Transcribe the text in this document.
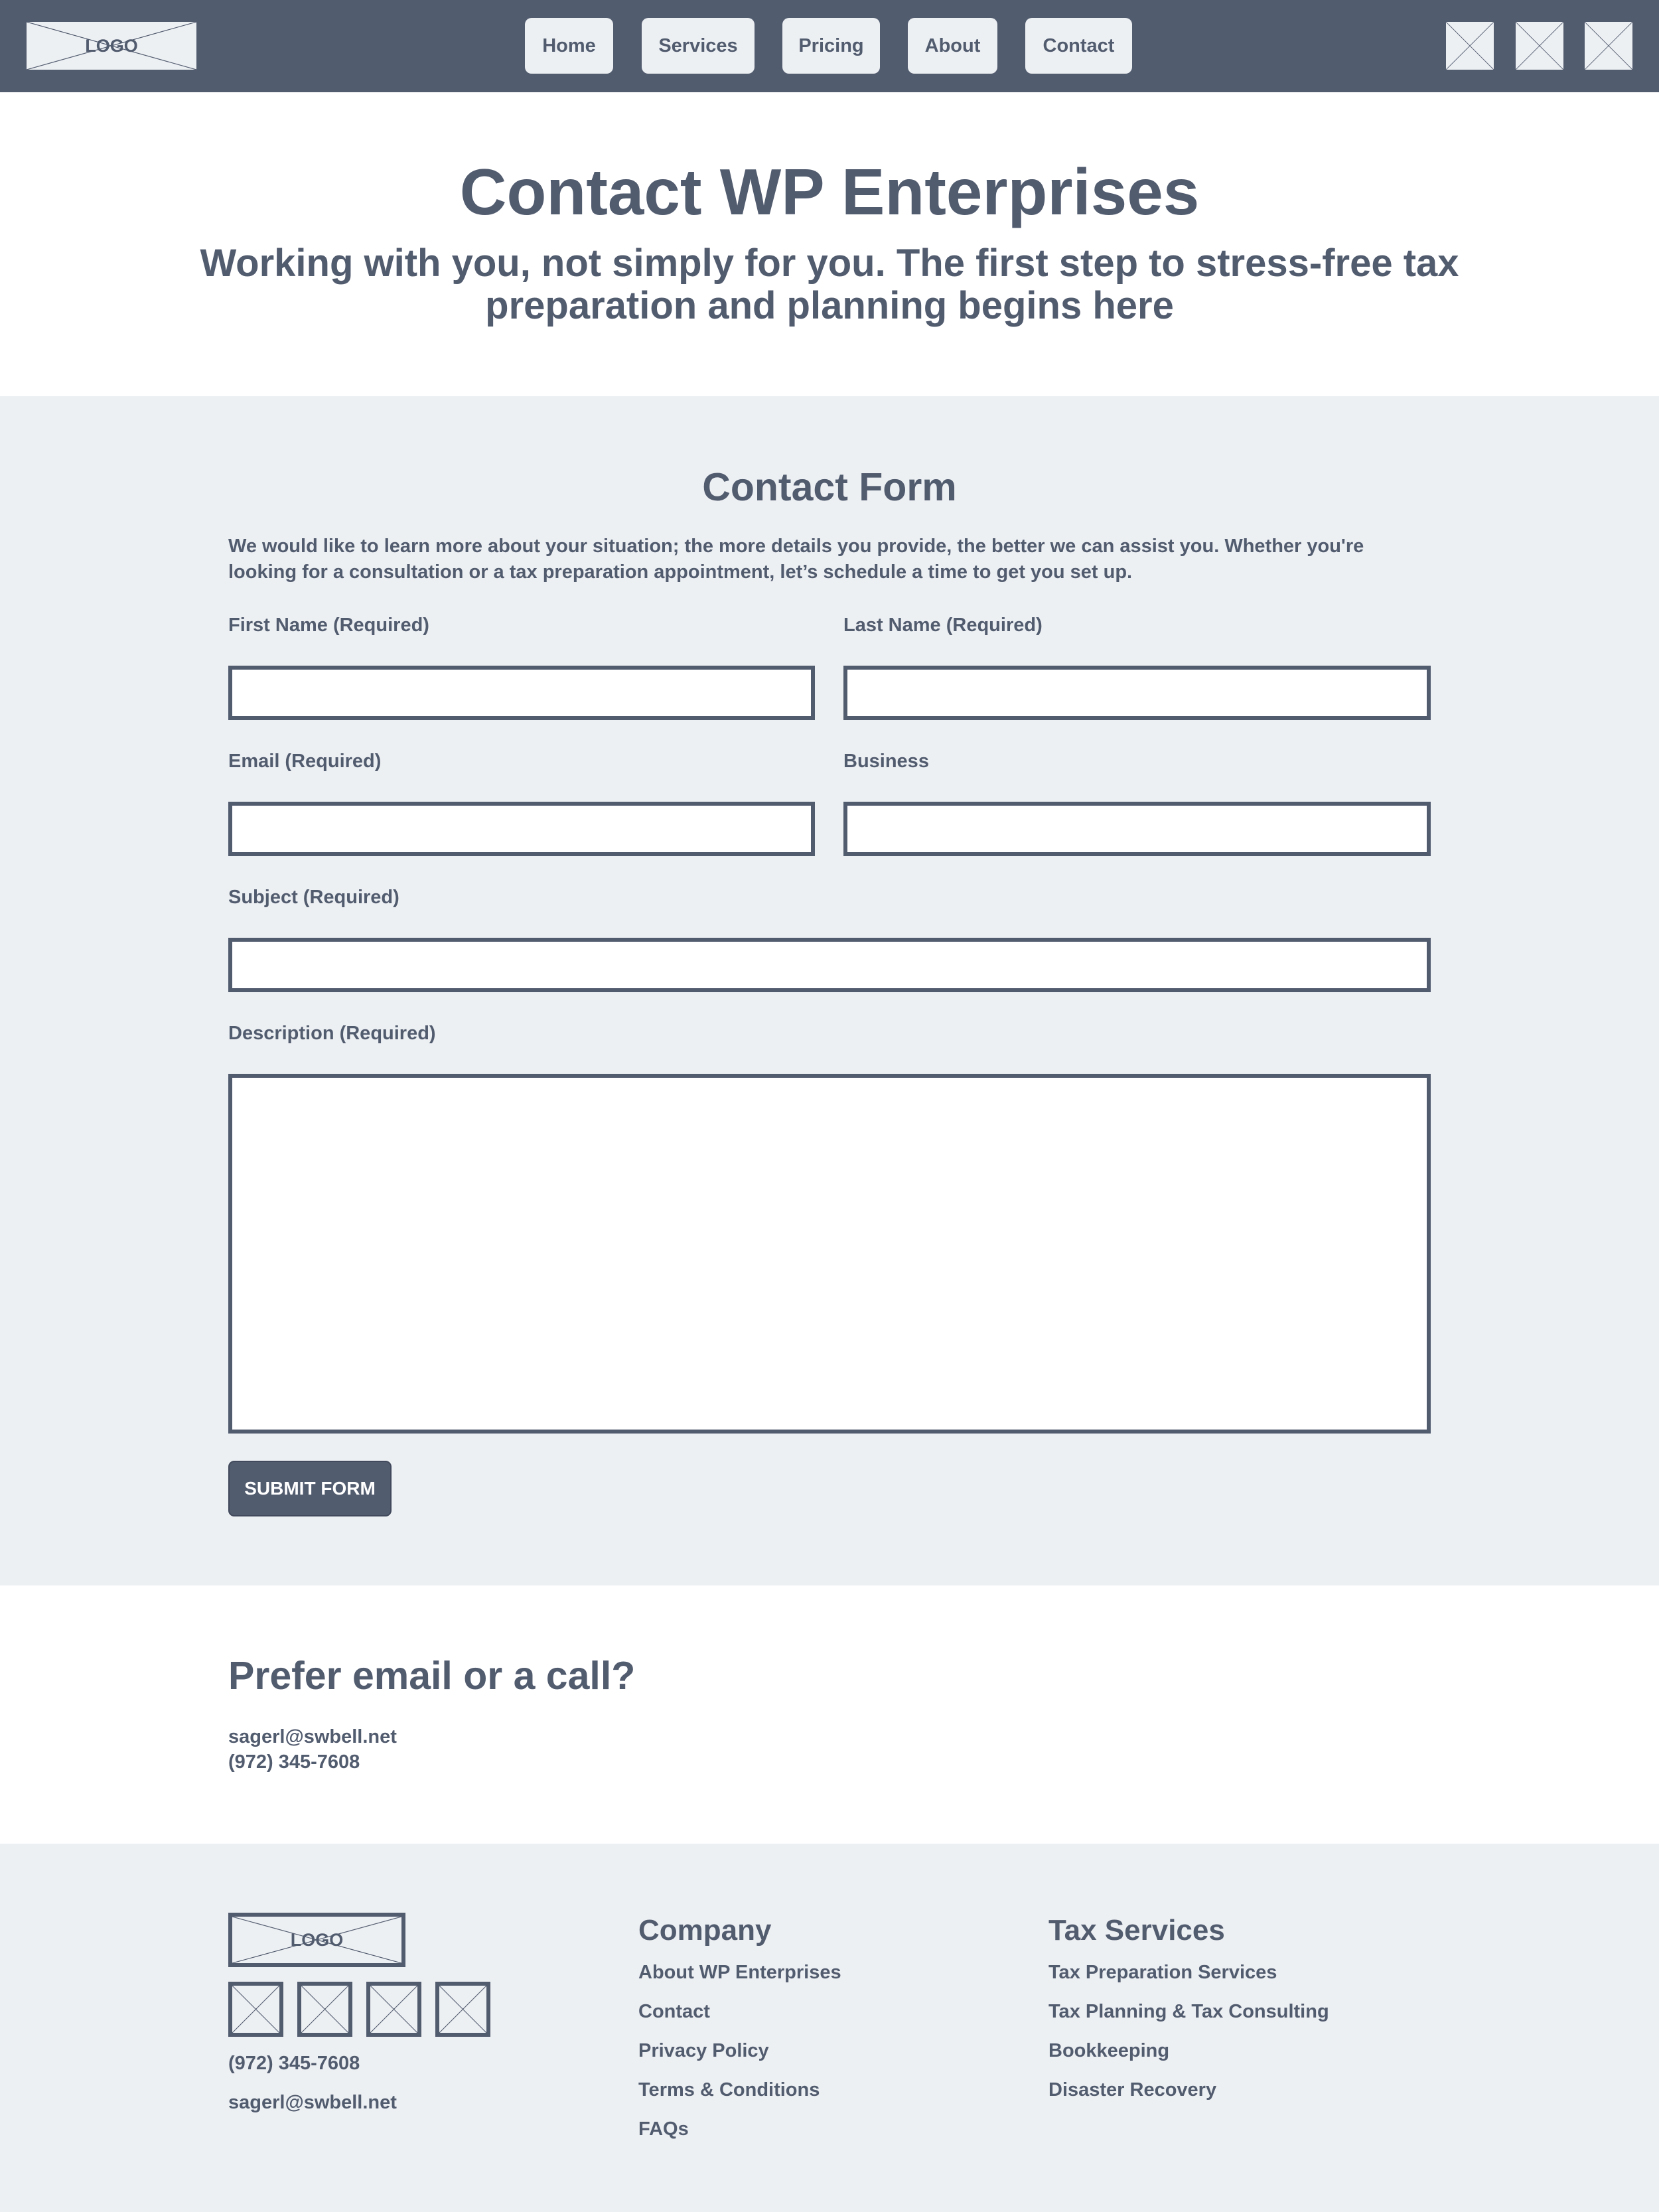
LOGO	Home	Services	Pricing	About	Contact
Contact WP Enterprises
Working with you, not simply for you. The first step to stress-free tax preparation and planning begins here
Contact Form

We would like to learn more about your situation; the more details you provide, the better we can assist you. Whether you're looking for a consultation or a tax preparation appointment, let’s schedule a time to get you set up.

First Name (Required)	Last Name (Required)
Email (Required)	Business
Subject (Required)
Description (Required)
SUBMIT FORM
Prefer email or a call?
sagerl@swbell.net
(972) 345-7608
LOGO
(972) 345-7608
sagerl@swbell.net
Company
About WP Enterprises
Contact
Privacy Policy
Terms & Conditions
FAQs
Tax Services
Tax Preparation Services
Tax Planning & Tax Consulting
Bookkeeping
Disaster Recovery
